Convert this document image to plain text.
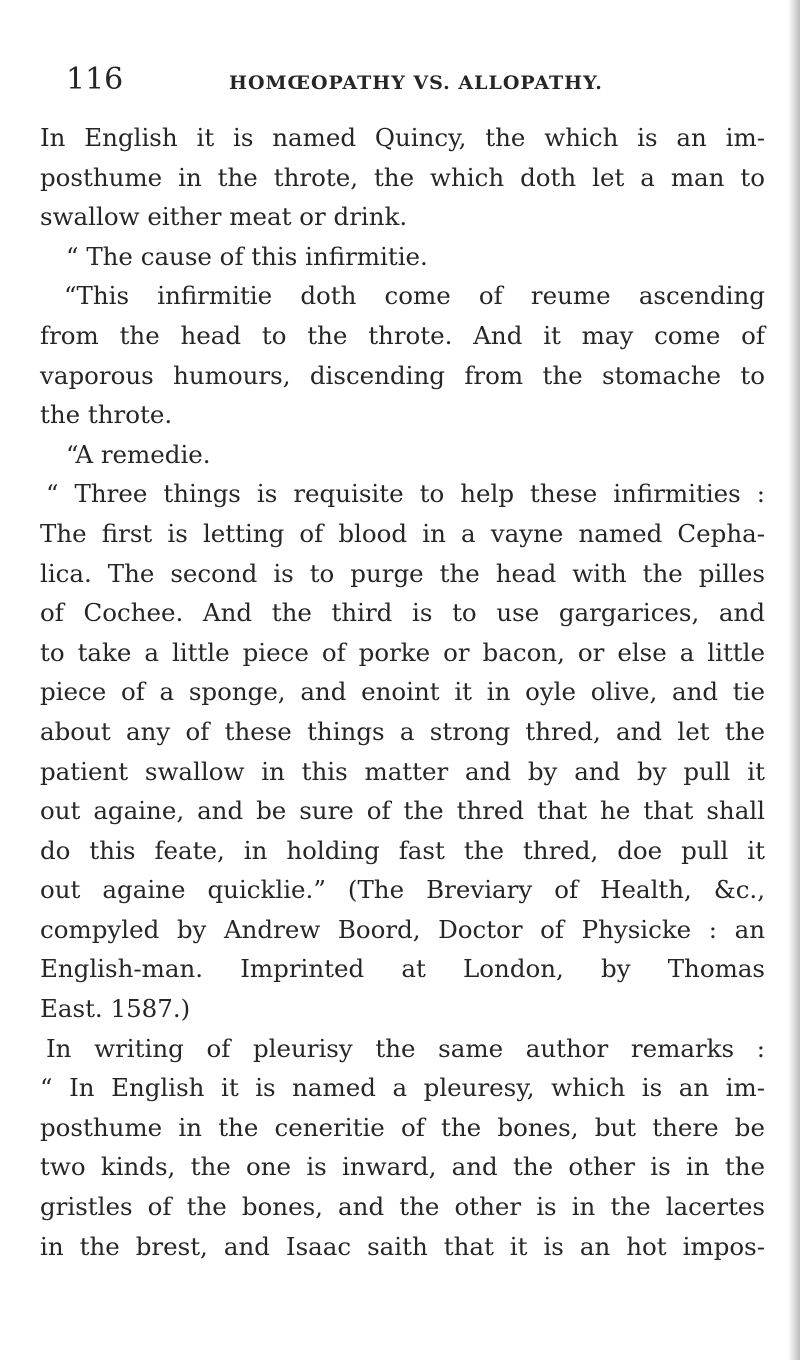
116	HOMŒOPATHY VS. ALLOPATHY.
In English it is named Quincy, the which is an im-
posthume in the throte, the which doth let a man to
swallow either meat or drink.
“ The cause of this infirmitie.
“This infirmitie doth come of reume ascending
from the head to the throte. And it may come of
vaporous humours, discending from the stomache to
the throte.
“A remedie.
“ Three things is requisite to help these infirmities :
The first is letting of blood in a vayne named Cepha-
lica. The second is to purge the head with the pilles
of Cochee. And the third is to use gargarices, and
to take a little piece of porke or bacon, or else a little
piece of a sponge, and enoint it in oyle olive, and tie
about any of these things a strong thred, and let the
patient swallow in this matter and by and by pull it
out againe, and be sure of the thred that he that shall
do this feate, in holding fast the thred, doe pull it
out againe quicklie.” (The Breviary of Health, &c.,
compyled by Andrew Boord, Doctor of Physicke : an
English-man. Imprinted at London, by Thomas
East. 1587.)
In writing of pleurisy the same author remarks :
“ In English it is named a pleuresy, which is an im-
posthume in the ceneritie of the bones, but there be
two kinds, the one is inward, and the other is in the
gristles of the bones, and the other is in the lacertes
in the brest, and Isaac saith that it is an hot impos-
